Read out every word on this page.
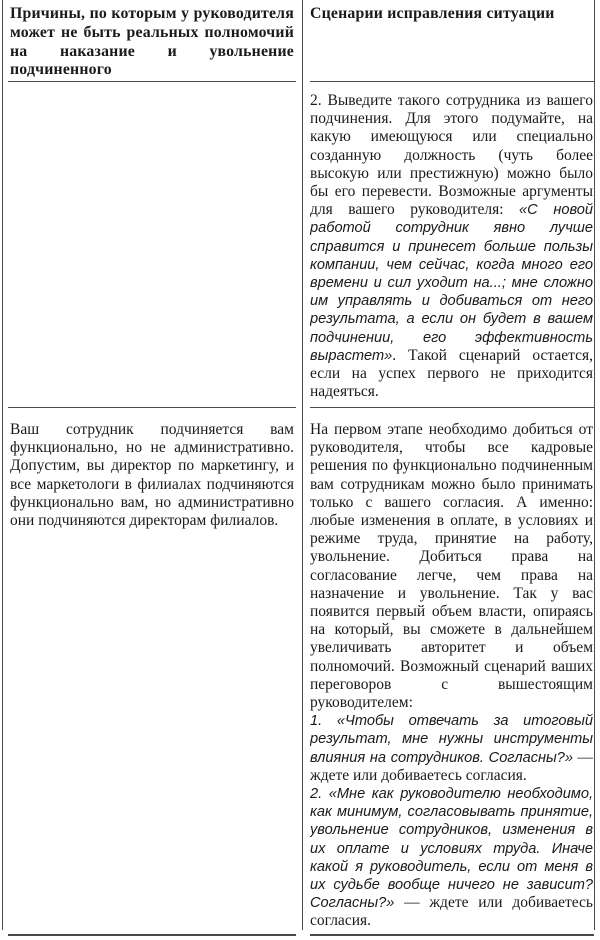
Причины, по которым у руководителя может не быть реальных полномочий на наказание и увольнение подчиненного
Сценарии исправления ситуации

2. Выведите такого сотрудника из вашего подчинения. Для этого подумайте, на какую имеющуюся или специально созданную должность (чуть более высокую или престижную) можно было бы его перевести. Возможные аргументы для вашего руководителя: «С новой работой сотрудник явно лучше справится и принесет больше пользы компании, чем сейчас, когда много его времени и сил уходит на...; мне сложно им управлять и добиваться от него результата, а если он будет в вашем подчинении, его эффективность вырастет». Такой сценарий остается, если на успех первого не приходится надеяться.

Ваш сотрудник подчиняется вам функционально, но не административно. Допустим, вы директор по маркетингу, и все маркетологи в филиалах подчиняются функционально вам, но административно они подчиняются директорам филиалов.

На первом этапе необходимо добиться от руководителя, чтобы все кадровые решения по функционально подчиненным вам сотрудникам можно было принимать только с вашего согласия. А именно: любые изменения в оплате, в условиях и режиме труда, принятие на работу, увольнение. Добиться права на согласование легче, чем права на назначение и увольнение. Так у вас появится первый объем власти, опираясь на который, вы сможете в дальнейшем увеличивать авторитет и объем полномочий. Возможный сценарий ваших переговоров с вышестоящим руководителем:

1. «Чтобы отвечать за итоговый результат, мне нужны инструменты влияния на сотрудников. Согласны?» — ждете или добиваетесь согласия.

2. «Мне как руководителю необходимо, как минимум, согласовывать принятие, увольнение сотрудников, изменения в их оплате и условиях труда. Иначе какой я руководитель, если от меня в их судьбе вообще ничего не зависит? Согласны?» — ждете или добиваетесь согласия.
